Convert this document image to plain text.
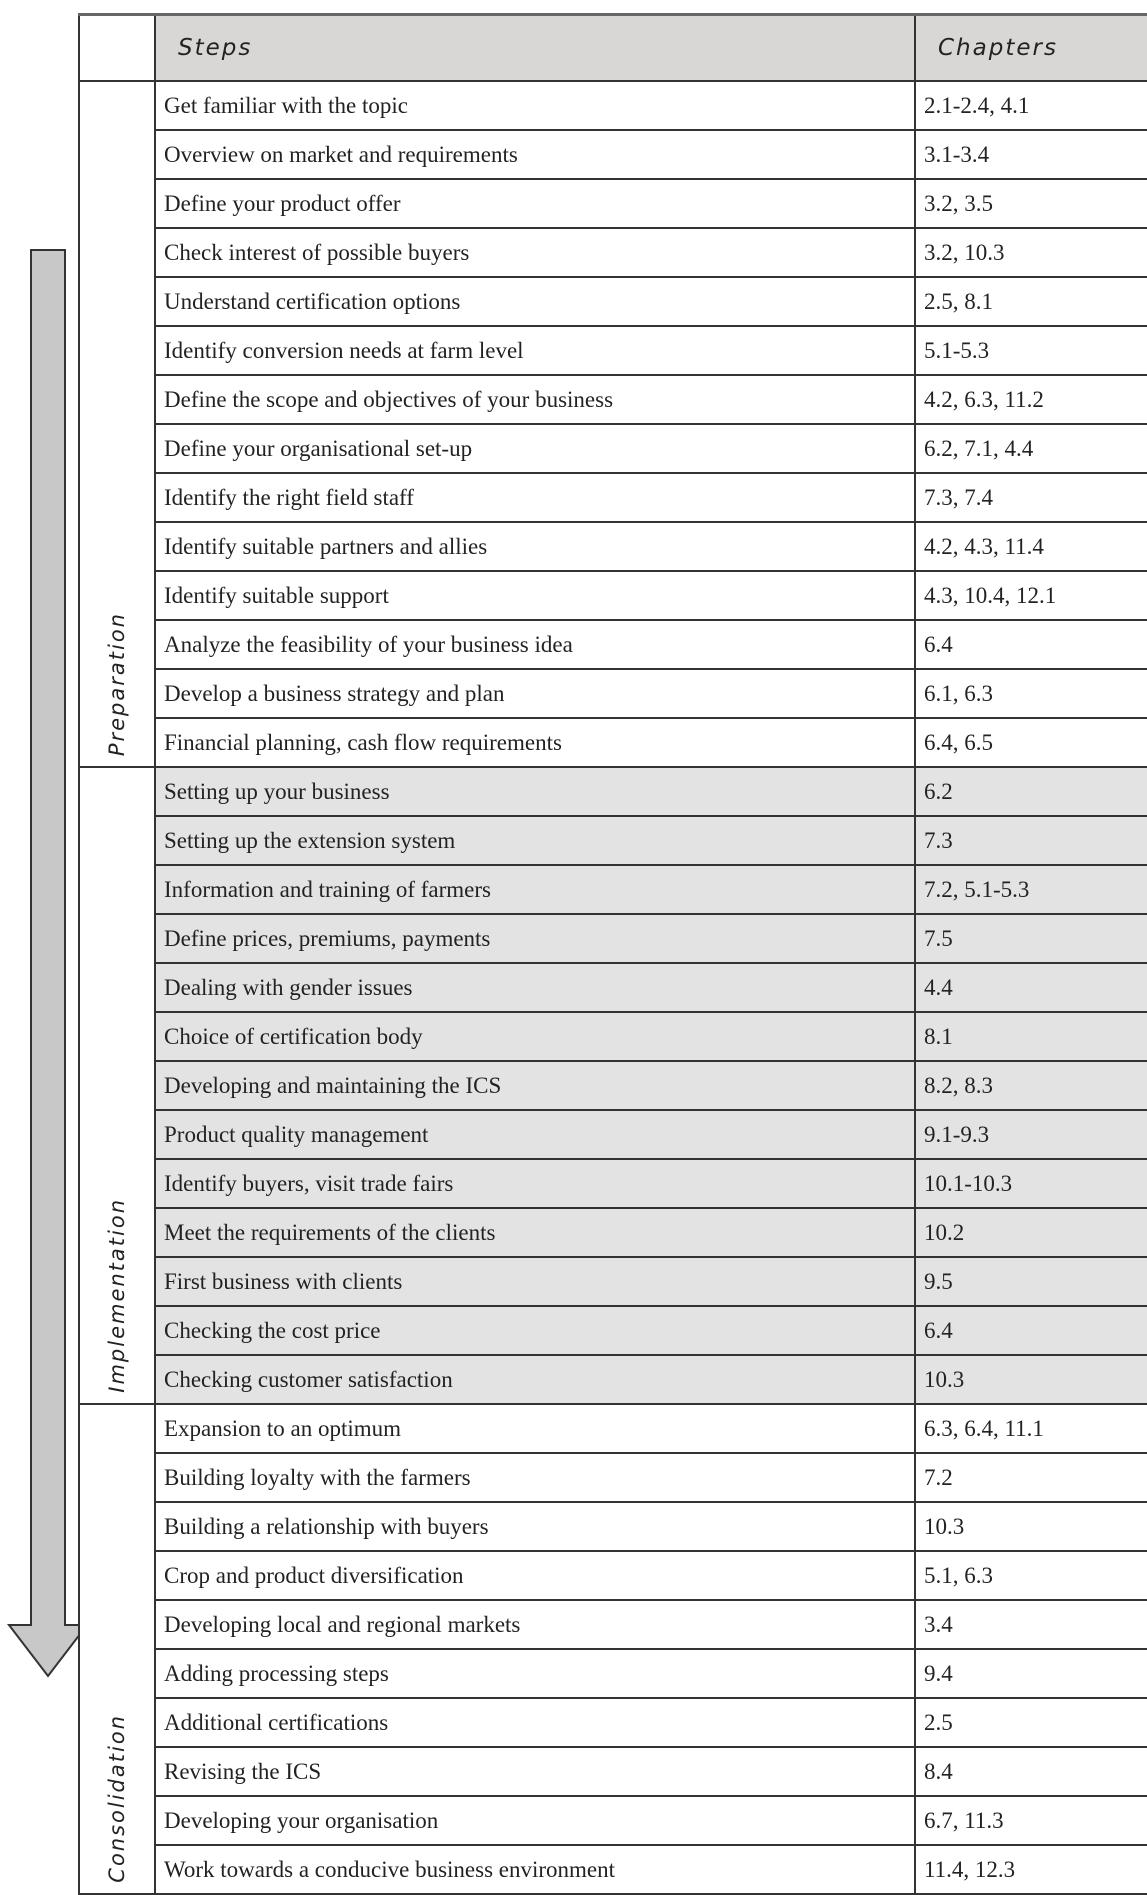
	Steps	Chapters

Preparation	Get familiar with the topic	2.1-2.4, 4.1
	Overview on market and requirements	3.1-3.4
	Define your product offer	3.2, 3.5
	Check interest of possible buyers	3.2, 10.3
	Understand certification options	2.5, 8.1
	Identify conversion needs at farm level	5.1-5.3
	Define the scope and objectives of your business	4.2, 6.3, 11.2
	Define your organisational set-up	6.2, 7.1, 4.4
	Identify the right field staff	7.3, 7.4
	Identify suitable partners and allies	4.2, 4.3, 11.4
	Identify suitable support	4.3, 10.4, 12.1
	Analyze the feasibility of your business idea	6.4
	Develop a business strategy and plan	6.1, 6.3
	Financial planning, cash flow requirements	6.4, 6.5

Implementation	Setting up your business	6.2
	Setting up the extension system	7.3
	Information and training of farmers	7.2, 5.1-5.3
	Define prices, premiums, payments	7.5
	Dealing with gender issues	4.4
	Choice of certification body	8.1
	Developing and maintaining the ICS	8.2, 8.3
	Product quality management	9.1-9.3
	Identify buyers, visit trade fairs	10.1-10.3
	Meet the requirements of the clients	10.2
	First business with clients	9.5
	Checking the cost price	6.4
	Checking customer satisfaction	10.3

Consolidation	Expansion to an optimum	6.3, 6.4, 11.1
	Building loyalty with the farmers	7.2
	Building a relationship with buyers	10.3
	Crop and product diversification	5.1, 6.3
	Developing local and regional markets	3.4
	Adding processing steps	9.4
	Additional certifications	2.5
	Revising the ICS	8.4
	Developing your organisation	6.7, 11.3
	Work towards a conducive business environment	11.4, 12.3
